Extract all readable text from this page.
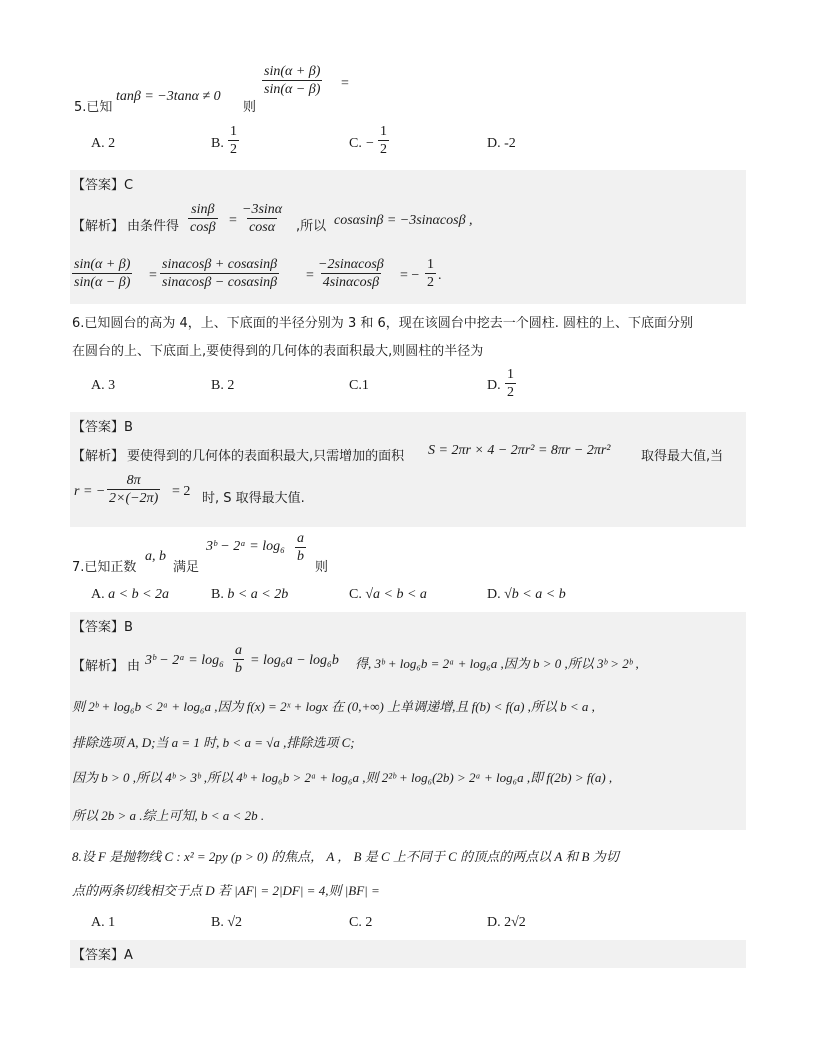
5.已知
tanβ = −3tanα ≠ 0
则
$\frac{\sin(\alpha + \beta)}{\sin(\alpha - \beta)}$ =
A. 2	B. $\frac{1}{2}$	C. − $\frac{1}{2}$	D. -2
【答案】C
【解析】 由条件得 $\frac{\sin\beta}{\cos\beta} = \frac{-3\sin\alpha}{\cos\alpha}$ ,所以 cosαsinβ = −3sinαcosβ ,
$\frac{\sin(\alpha + \beta)}{\sin(\alpha - \beta)} = \frac{\sin\alpha\cos\beta + \cos\alpha\sin\beta}{\sin\alpha\cos\beta - \cos\alpha\sin\beta} = \frac{-2\sin\alpha\cos\beta}{4\sin\alpha\cos\beta}$ = − $\frac{1}{2}$ .
6.已知圆台的高为 4，上、下底面的半径分别为 3 和 6，现在该圆台中挖去一个圆柱. 圆柱的上、下底面分别
在圆台的上、下底面上,要使得到的几何体的表面积最大,则圆柱的半径为
A. 3	B. 2	C.1	D. $\frac{1}{2}$
【答案】B
【解析】 要使得到的几何体的表面积最大,只需增加的面积 S = 2πr × 4 − 2πr² = 8πr − 2πr² 取得最大值,当
r = − $\frac{8\pi}{2\times(-2\pi)} = 2$ 时, S 取得最大值.
7.已知正数
a, b
满足
3ᵇ − 2ᵃ = $\log_6 \frac{a}{b}$
则
A. a < b < 2a	B. b < a < 2b	C. √a < b < a	D. √b < a < b
【答案】B
【解析】 由 3ᵇ − 2ᵃ = $\log_6 \frac{a}{b} = \log_6a - \log_6b$ 得, 3ᵇ + log₆b = 2ᵃ + log₆a ,因为 b > 0 ,所以 3ᵇ > 2ᵇ ,
则 2ᵇ + log₆b < 2ᵃ + log₆a ,因为 f(x) = 2ˣ + logx 在 (0,+∞) 上单调递增,且 f(b) < f(a) ,所以 b < a ,
排除选项 A, D;当 a = 1 时, b < a = √a ,排除选项 C;
因为 b > 0 ,所以 4ᵇ > 3ᵇ ,所以 4ᵇ + log₆b > 2ᵃ + log₆a ,则 2²ᵇ + log₆(2b) > 2ᵃ + log₆a ,即 f(2b) > f(a) ,
所以 2b > a .综上可知, b < a < 2b .
8.设 F 是抛物线 C : x² = 2py (p > 0) 的焦点， A ， B 是 C 上不同于 C 的顶点的两点以 A 和 B 为切
点的两条切线相交于点 D 若 |AF| = 2|DF| = 4,则 |BF| =
A. 1	B. √2	C. 2	D. 2√2
【答案】A
